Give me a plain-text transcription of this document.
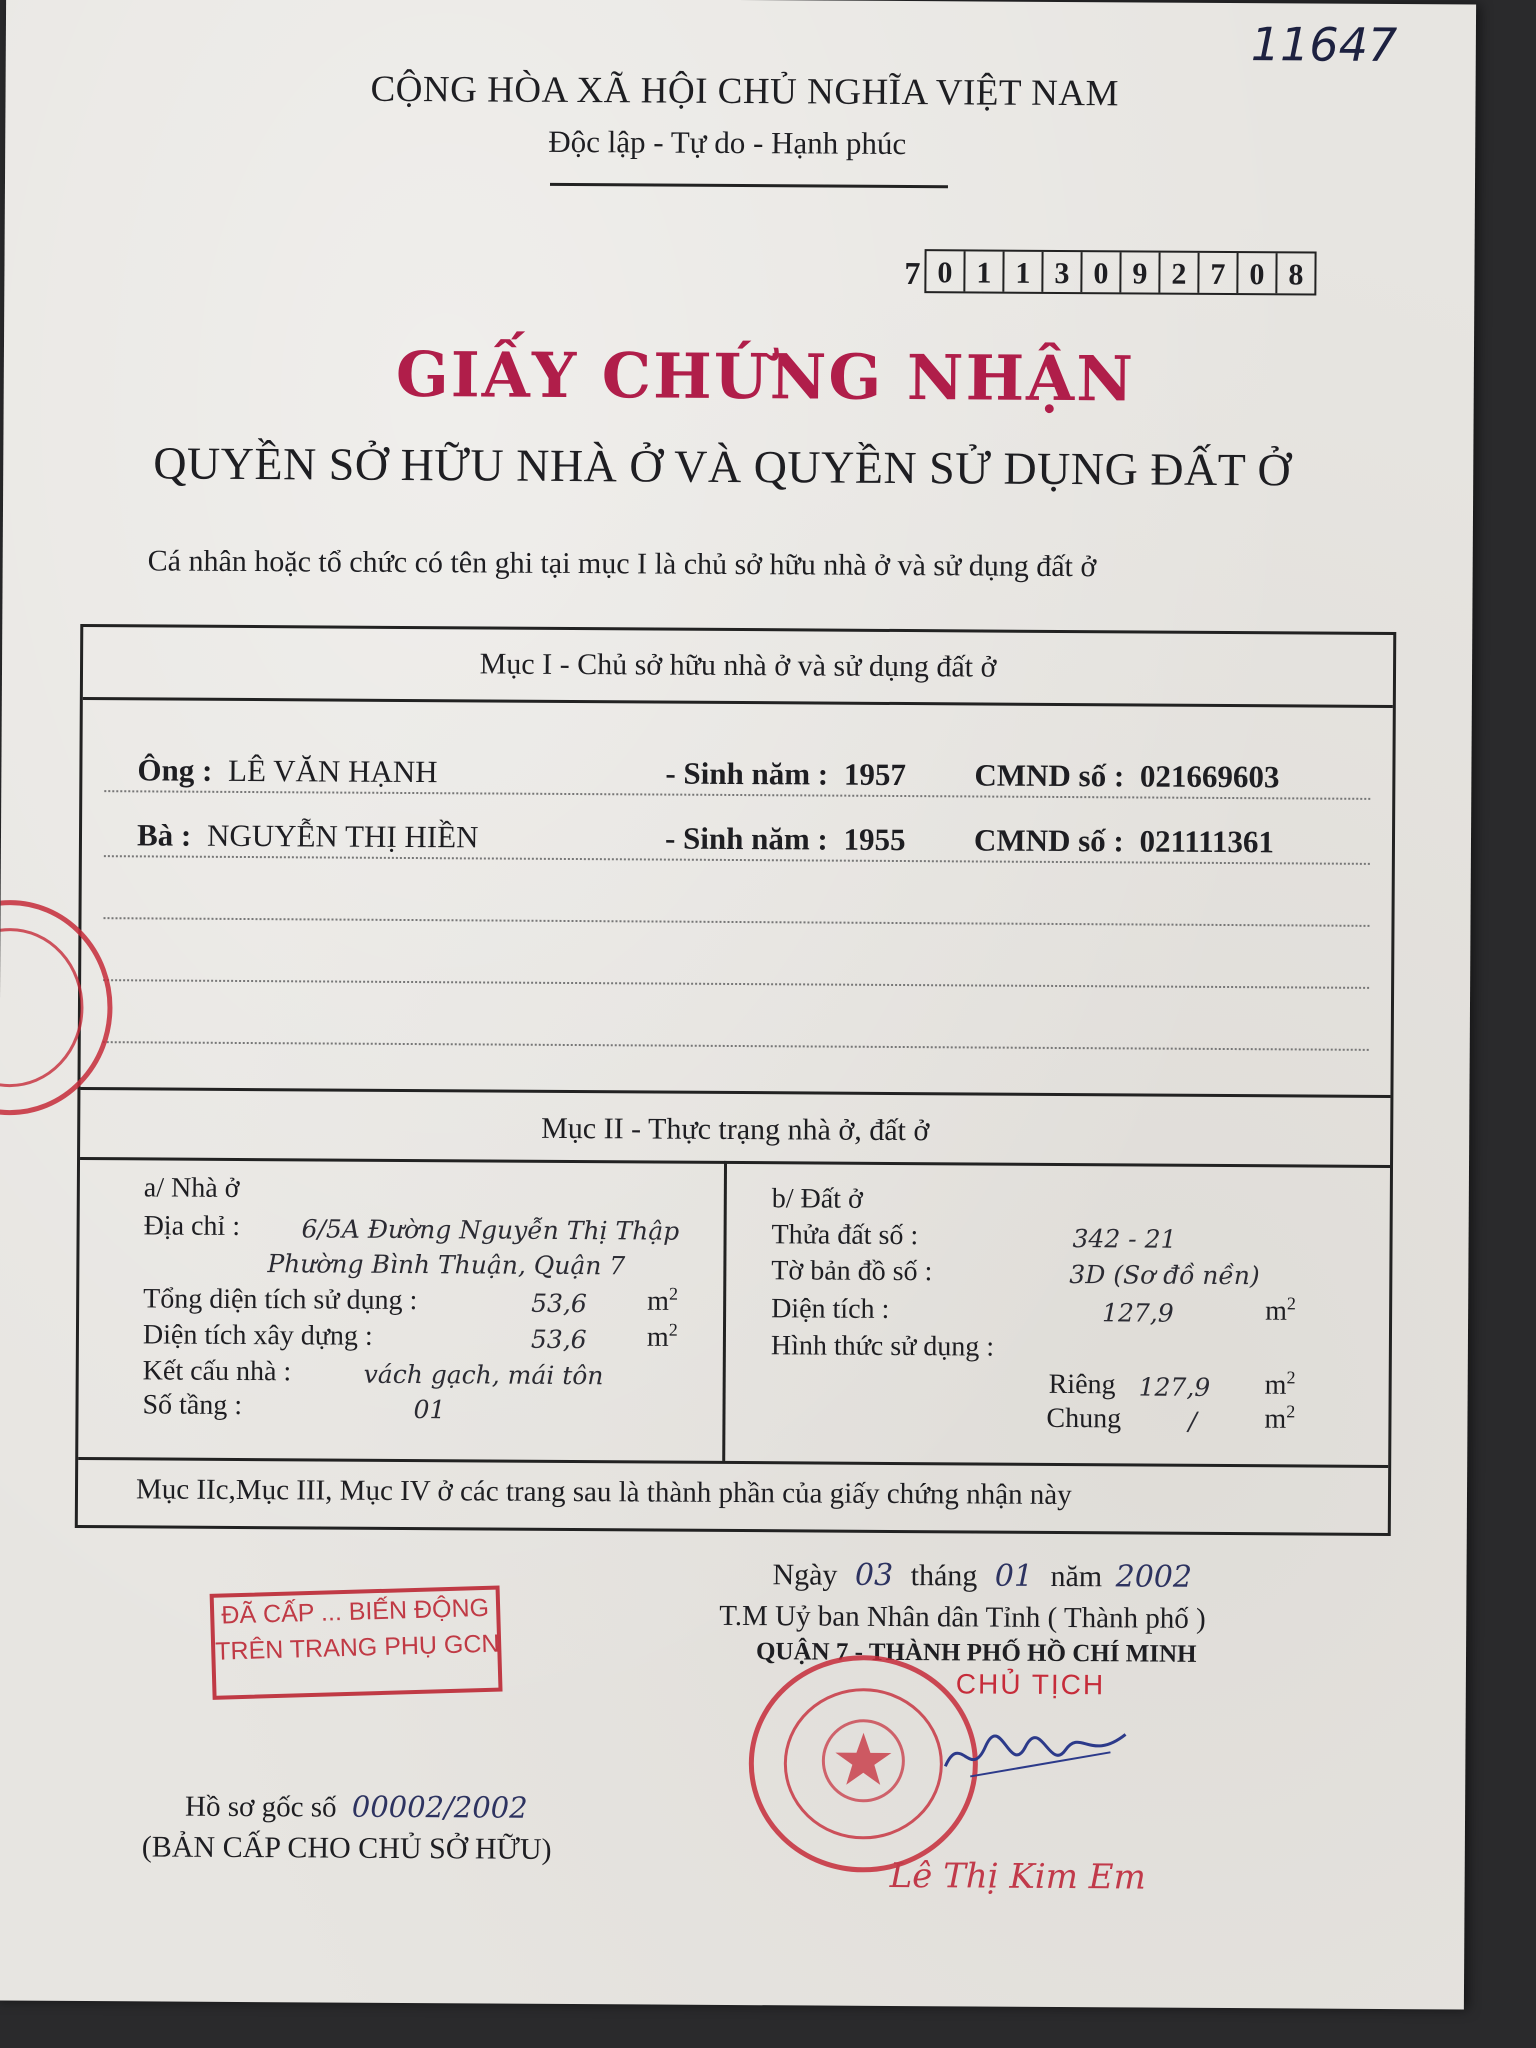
11647
CỘNG HÒA XÃ HỘI CHỦ NGHĨA VIỆT NAM
Độc lập - Tự do - Hạnh phúc
7 0 1 1 3 0 9 2 7 0 8
GIẤY CHỨNG NHẬN
QUYỀN SỞ HỮU NHÀ Ở VÀ QUYỀN SỬ DỤNG ĐẤT Ở
Cá nhân hoặc tổ chức có tên ghi tại mục I là chủ sở hữu nhà ở và sử dụng đất ở
Mục I - Chủ sở hữu nhà ở và sử dụng đất ở
Ông : LÊ VĂN HẠNH	- Sinh năm : 1957 CMND số : 021669603
Bà : NGUYỄN THỊ HIỀN	- Sinh năm : 1955 CMND số : 021111361
Mục II - Thực trạng nhà ở, đất ở
a/ Nhà ở
Địa chỉ : 6/5A Đường Nguyễn Thị Thập
Phường Bình Thuận, Quận 7
Tổng diện tích sử dụng :	53,6 $m^2$
Diện tích xây dựng :	53,6 $m^2$
Kết cấu nhà :	vách gạch, mái tôn
Số tầng :	01
b/ Đất ở
Thửa đất số :	342 - 21
Tờ bản đồ số :	3D (Sơ đồ nền)
Diện tích :	127,9	$m^2$
Hình thức sử dụng :
Riêng 127,9 $m^2$
Chung	/ $m^2$
Mục IIc,Mục III, Mục IV ở các trang sau là thành phần của giấy chứng nhận này
Ngày 03 tháng 01 năm 2002
T.M Uỷ ban Nhân dân Tỉnh ( Thành phố )
QUẬN 7 - THÀNH PHỐ HỒ CHÍ MINH
CHỦ TỊCH
Lê Thị Kim Em
ĐÃ CẤP ... BIẾN ĐỘNG
TRÊN TRANG PHỤ GCN
Hồ sơ gốc số 00002/2002
(BẢN CẤP CHO CHỦ SỞ HỮU)
